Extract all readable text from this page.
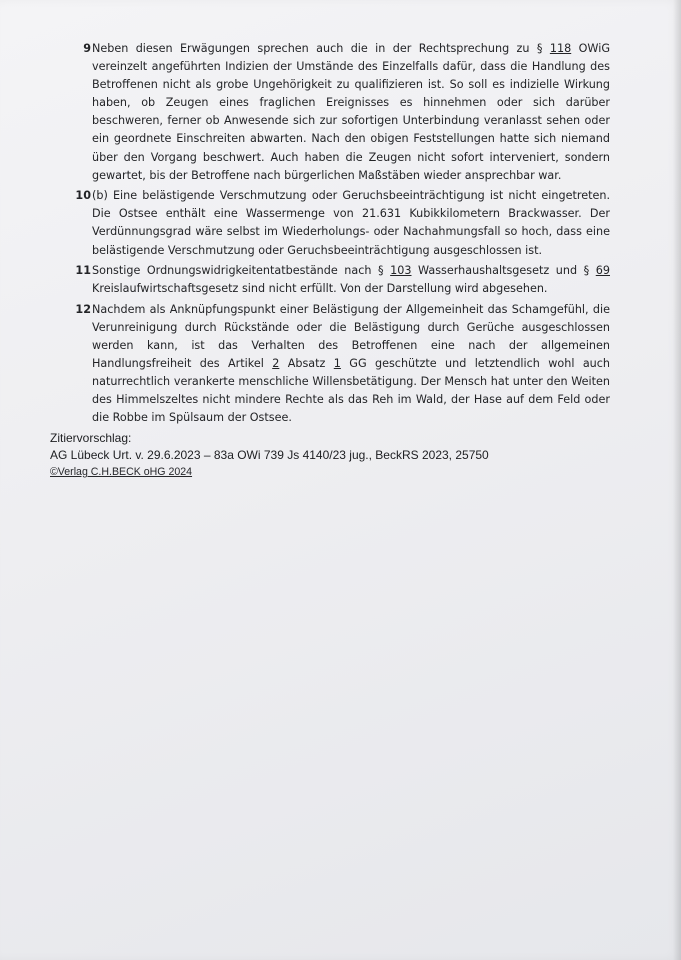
9 Neben diesen Erwägungen sprechen auch die in der Rechtsprechung zu § 118 OWiG vereinzelt angeführten Indizien der Umstände des Einzelfalls dafür, dass die Handlung des Betroffenen nicht als grobe Ungehörigkeit zu qualifizieren ist. So soll es indizielle Wirkung haben, ob Zeugen eines fraglichen Ereignisses es hinnehmen oder sich darüber beschweren, ferner ob Anwesende sich zur sofortigen Unterbindung veranlasst sehen oder ein geordnete Einschreiten abwarten. Nach den obigen Feststellungen hatte sich niemand über den Vorgang beschwert. Auch haben die Zeugen nicht sofort interveniert, sondern gewartet, bis der Betroffene nach bürgerlichen Maßstäben wieder ansprechbar war.
10 (b) Eine belästigende Verschmutzung oder Geruchsbeeinträchtigung ist nicht eingetreten. Die Ostsee enthält eine Wassermenge von 21.631 Kubikkilometern Brackwasser. Der Verdünnungsgrad wäre selbst im Wiederholungs- oder Nachahmungsfall so hoch, dass eine belästigende Verschmutzung oder Geruchsbeeinträchtigung ausgeschlossen ist.
11 Sonstige Ordnungswidrigkeitentatbestände nach § 103 Wasserhaushaltsgesetz und § 69 Kreislaufwirtschaftsgesetz sind nicht erfüllt. Von der Darstellung wird abgesehen.
12 Nachdem als Anknüpfungspunkt einer Belästigung der Allgemeinheit das Schamgefühl, die Verunreinigung durch Rückstände oder die Belästigung durch Gerüche ausgeschlossen werden kann, ist das Verhalten des Betroffenen eine nach der allgemeinen Handlungsfreiheit des Artikel 2 Absatz 1 GG geschützte und letztendlich wohl auch naturrechtlich verankerte menschliche Willensbetätigung. Der Mensch hat unter den Weiten des Himmelszeltes nicht mindere Rechte als das Reh im Wald, der Hase auf dem Feld oder die Robbe im Spülsaum der Ostsee.
Zitiervorschlag:
AG Lübeck Urt. v. 29.6.2023 – 83a OWi 739 Js 4140/23 jug., BeckRS 2023, 25750
©Verlag C.H.BECK oHG 2024
